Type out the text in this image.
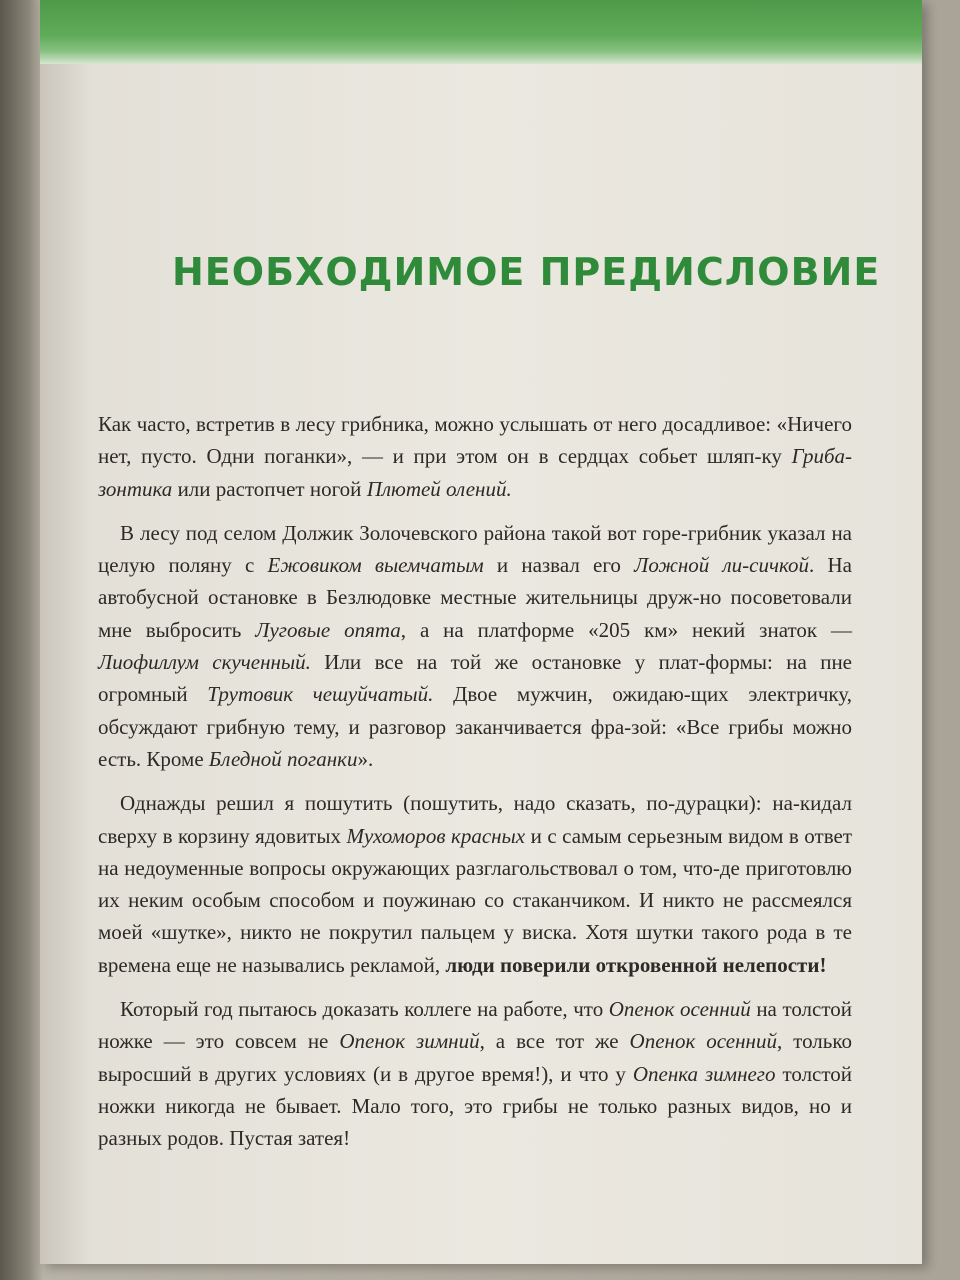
НЕОБХОДИМОЕ ПРЕДИСЛОВИЕ

Как часто, встретив в лесу грибника, можно услышать от него досадливое: «Ничего нет, пусто. Одни поганки», — и при этом он в сердцах собьет шляп-ку Гриба-зонтика или растопчет ногой Плютей олений.

В лесу под селом Должик Золочевского района такой вот горе-грибник указал на целую поляну с Ежовиком выемчатым и назвал его Ложной ли-сичкой. На автобусной остановке в Безлюдовке местные жительницы друж-но посоветовали мне выбросить Луговые опята, а на платформе «205 км» некий знаток — Лиофиллум скученный. Или все на той же остановке у плат-формы: на пне огромный Трутовик чешуйчатый. Двое мужчин, ожидаю-щих электричку, обсуждают грибную тему, и разговор заканчивается фра-зой: «Все грибы можно есть. Кроме Бледной поганки».

Однажды решил я пошутить (пошутить, надо сказать, по-дурацки): на-кидал сверху в корзину ядовитых Мухоморов красных и с самым серьезным видом в ответ на недоуменные вопросы окружающих разглагольствовал о том, что-де приготовлю их неким особым способом и поужинаю со стаканчиком. И никто не рассмеялся моей «шутке», никто не покрутил пальцем у виска. Хотя шутки такого рода в те времена еще не назывались рекламой, люди поверили откровенной нелепости!

Который год пытаюсь доказать коллеге на работе, что Опенок осенний на толстой ножке — это совсем не Опенок зимний, а все тот же Опенок осенний, только выросший в других условиях (и в другое время!), и что у Опенка зимнего толстой ножки никогда не бывает. Мало того, это грибы не только разных видов, но и разных родов. Пустая затея!
